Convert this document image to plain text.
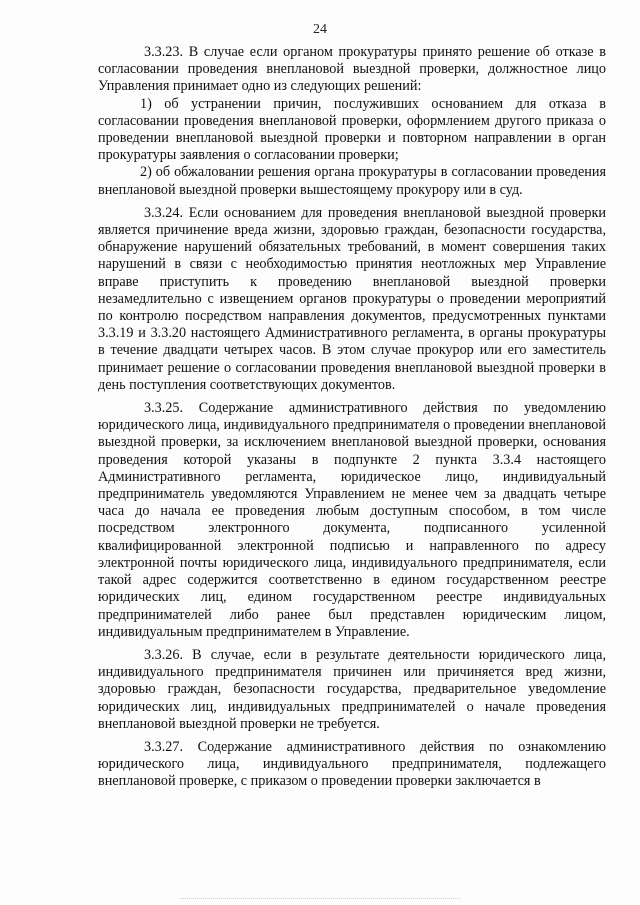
24

3.3.23. В случае если органом прокуратуры принято решение об отказе в согласовании проведения внеплановой выездной проверки, должностное лицо Управления принимает одно из следующих решений:

1) об устранении причин, послуживших основанием для отказа в согласовании проведения внеплановой проверки, оформлением другого приказа о проведении внеплановой выездной проверки и повторном направлении в орган прокуратуры заявления о согласовании проверки;

2) об обжаловании решения органа прокуратуры в согласовании проведения внеплановой выездной проверки вышестоящему прокурору или в суд.

3.3.24. Если основанием для проведения внеплановой выездной проверки является причинение вреда жизни, здоровью граждан, безопасности государства, обнаружение нарушений обязательных требований, в момент совершения таких нарушений в связи с необходимостью принятия неотложных мер Управление вправе приступить к проведению внеплановой выездной проверки незамедлительно с извещением органов прокуратуры о проведении мероприятий по контролю посредством направления документов, предусмотренных пунктами 3.3.19 и 3.3.20 настоящего Административного регламента, в органы прокуратуры в течение двадцати четырех часов. В этом случае прокурор или его заместитель принимает решение о согласовании проведения внеплановой выездной проверки в день поступления соответствующих документов.

3.3.25. Содержание административного действия по уведомлению юридического лица, индивидуального предпринимателя о проведении внеплановой выездной проверки, за исключением внеплановой выездной проверки, основания проведения которой указаны в подпункте 2 пункта 3.3.4 настоящего Административного регламента, юридическое лицо, индивидуальный предприниматель уведомляются Управлением не менее чем за двадцать четыре часа до начала ее проведения любым доступным способом, в том числе посредством электронного документа, подписанного усиленной квалифицированной электронной подписью и направленного по адресу электронной почты юридического лица, индивидуального предпринимателя, если такой адрес содержится соответственно в едином государственном реестре юридических лиц, едином государственном реестре индивидуальных предпринимателей либо ранее был представлен юридическим лицом, индивидуальным предпринимателем в Управление.

3.3.26. В случае, если в результате деятельности юридического лица, индивидуального предпринимателя причинен или причиняется вред жизни, здоровью граждан, безопасности государства, предварительное уведомление юридических лиц, индивидуальных предпринимателей о начале проведения внеплановой выездной проверки не требуется.

3.3.27. Содержание административного действия по ознакомлению юридического лица, индивидуального предпринимателя, подлежащего внеплановой проверке, с приказом о проведении проверки заключается в
